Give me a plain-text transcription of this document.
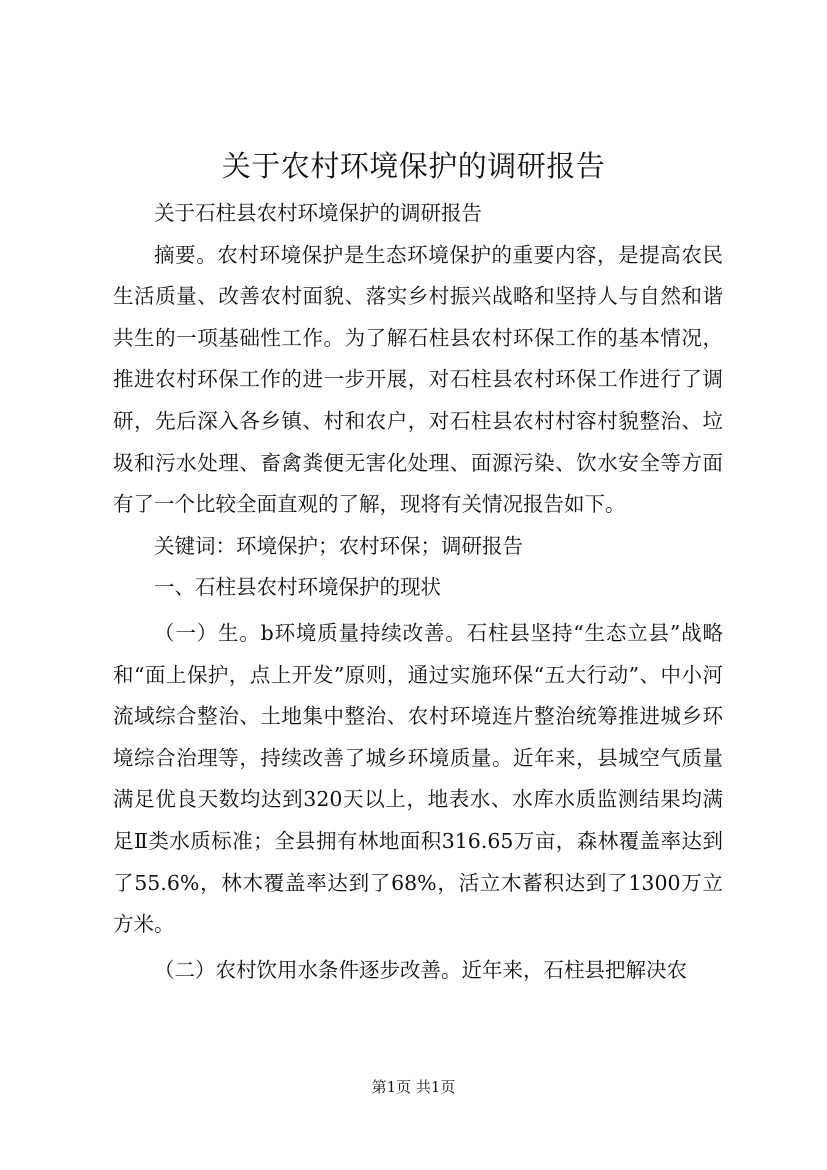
关于农村环境保护的调研报告

关于石柱县农村环境保护的调研报告

摘要。农村环境保护是生态环境保护的重要内容，是提高农民生活质量、改善农村面貌、落实乡村振兴战略和坚持人与自然和谐共生的一项基础性工作。为了解石柱县农村环保工作的基本情况，推进农村环保工作的进一步开展，对石柱县农村环保工作进行了调研，先后深入各乡镇、村和农户，对石柱县农村村容村貌整治、垃圾和污水处理、畜禽粪便无害化处理、面源污染、饮水安全等方面有了一个比较全面直观的了解，现将有关情况报告如下。

关键词：环境保护；农村环保；调研报告

一、石柱县农村环境保护的现状

（一）生。b环境质量持续改善。石柱县坚持“生态立县”战略和“面上保护，点上开发”原则，通过实施环保“五大行动”、中小河流域综合整治、土地集中整治、农村环境连片整治统筹推进城乡环境综合治理等，持续改善了城乡环境质量。近年来，县城空气质量满足优良天数均达到320天以上，地表水、水库水质监测结果均满足Ⅱ类水质标准；全县拥有林地面积316.65万亩，森林覆盖率达到了55.6%，林木覆盖率达到了68%，活立木蓄积达到了1300万立方米。

（二）农村饮用水条件逐步改善。近年来，石柱县把解决农

第1页 共1页
